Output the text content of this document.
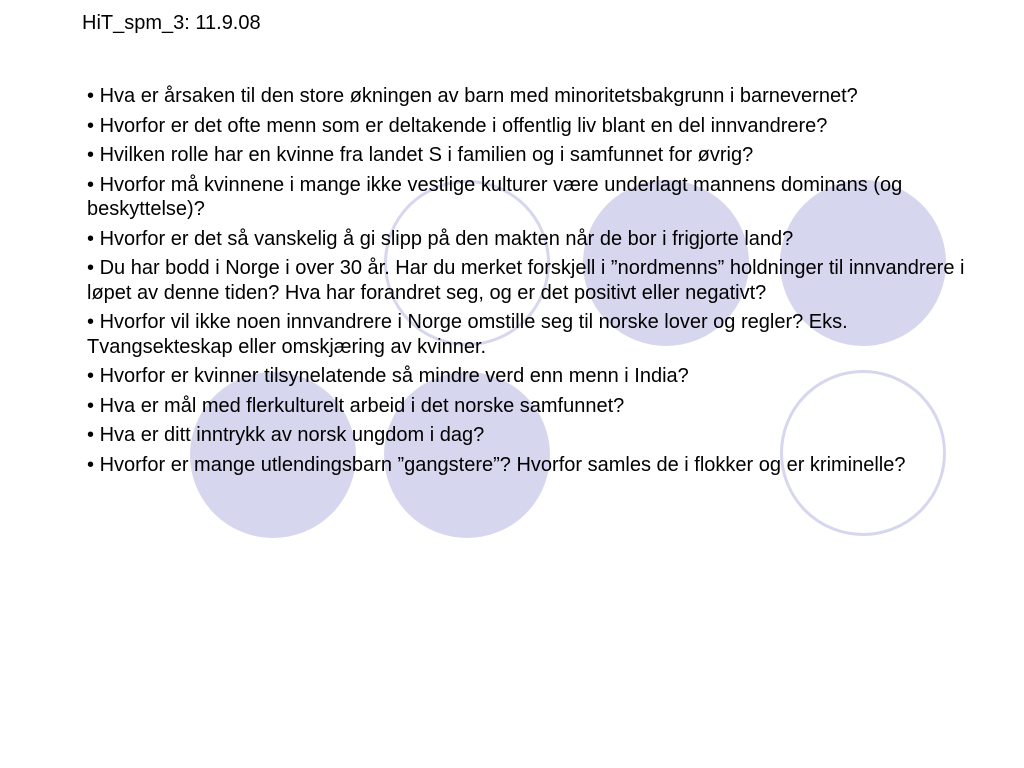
HiT_spm_3: 11.9.08
• Hva er årsaken til den store økningen av barn med minoritetsbakgrunn i barnevernet?
• Hvorfor er det ofte menn som er deltakende i offentlig liv blant en del innvandrere?
• Hvilken rolle har en kvinne fra landet S i familien og i samfunnet for øvrig?
• Hvorfor må kvinnene i mange ikke vestlige kulturer være underlagt mannens dominans (og beskyttelse)?
• Hvorfor er det så vanskelig å gi slipp på den makten når de bor i frigjorte land?
• Du har bodd i Norge i over 30 år. Har du merket forskjell i ”nordmenns” holdninger til innvandrere i løpet av denne tiden? Hva har forandret seg, og er det positivt eller negativt?
• Hvorfor vil ikke noen innvandrere i Norge omstille seg til norske lover og regler? Eks. Tvangsekteskap eller omskjæring av kvinner.
• Hvorfor er kvinner tilsynelatende så mindre verd enn menn i India?
• Hva er mål med flerkulturelt arbeid i det norske samfunnet?
• Hva er ditt inntrykk av norsk ungdom i dag?
• Hvorfor er mange utlendingsbarn ”gangstere”? Hvorfor samles de i flokker og er kriminelle?
